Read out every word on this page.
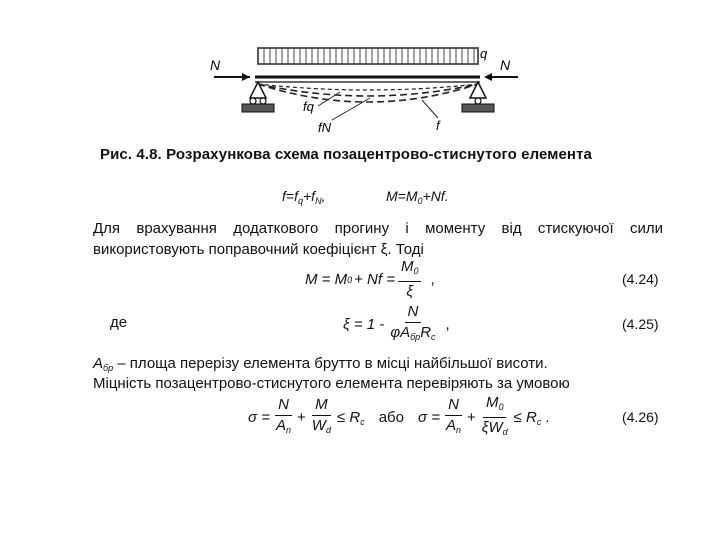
q
N	N
fq
fN	f
Рис. 4.8. Розрахункова схема позацентрово-стиснутого елемента
$f=f_q+f_N$,	$M=M_0+Nf$.
Для врахування додаткового прогину і моменту від стискуючої сили
використовують поправочний коефіцієнт ξ. Тоді
M = M $0 + Nf = \frac{M_0}{\xi}$ ,	(4.24)
де	$\xi = 1 - \frac{N}{\varphi A_{бр}R_c}$ ,	(4.25)
$A_{бр}$ – площа перерізу елемента брутто в місці найбільшої висоти.
Міцність позацентрово-стиснутого елемента перевіряють за умовою
$\sigma = \frac{N}{A_n} + \frac{M}{W_d} \le R_c$ або $\sigma = \frac{N}{A_n} + \frac{M_0}{\xi W_d} \le R_c$ .	(4.26)
